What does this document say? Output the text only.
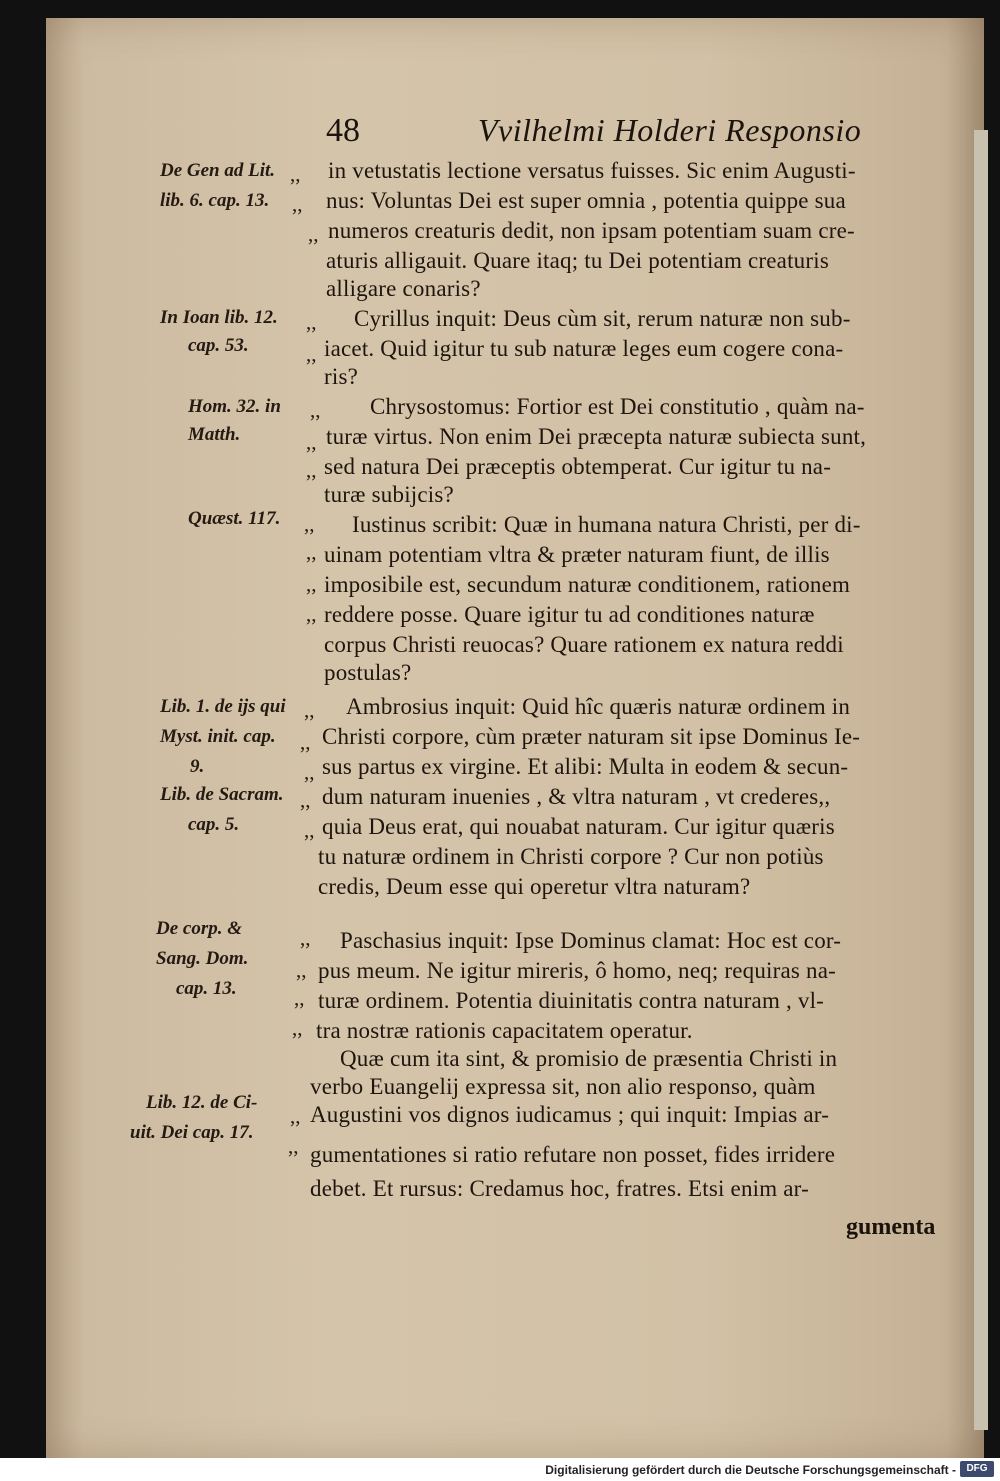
48	Vvilhelmi Holderi Responsio
De Gen ad Lit.
lib. 6. cap. 13.
In Ioan lib. 12.
cap. 53.
Hom. 32. in
Matth.
Quæst. 117.
Lib. 1. de ijs qui
Myst. init. cap.
9.
Lib. de Sacram.
cap. 5.
De corp. &
Sang. Dom.
cap. 13.
Lib. 12. de Ci-
uit. Dei cap. 17.
,,
,,
,,
,,
,,
,,
,,
,,
,,
,,
,,
,,
,,
,,
,,
,,
,,
,,
,,
,,
,,
,,
,,
in vetustatis lectione versatus fuisses. Sic enim Augusti-
nus: Voluntas Dei est super omnia , potentia quippe sua
numeros creaturis dedit, non ipsam potentiam suam cre-
aturis alligauit. Quare itaq; tu Dei potentiam creaturis
alligare conaris?
Cyrillus inquit: Deus cùm sit, rerum naturæ non sub-
iacet. Quid igitur tu sub naturæ leges eum cogere cona-
ris?
Chrysostomus: Fortior est Dei constitutio , quàm na-
turæ virtus. Non enim Dei præcepta naturæ subiecta sunt,
sed natura Dei præceptis obtemperat. Cur igitur tu na-
turæ subijcis?
Iustinus scribit: Quæ in humana natura Christi, per di-
uinam potentiam vltra & præter naturam fiunt, de illis
imposibile est, secundum naturæ conditionem, rationem
reddere posse. Quare igitur tu ad conditiones naturæ
corpus Christi reuocas? Quare rationem ex natura reddi
postulas?
Ambrosius inquit: Quid hîc quæris naturæ ordinem in
Christi corpore, cùm præter naturam sit ipse Dominus Ie-
sus partus ex virgine. Et alibi: Multa in eodem & secun-
dum naturam inuenies , & vltra naturam , vt crederes,,
quia Deus erat, qui nouabat naturam. Cur igitur quæris
tu naturæ ordinem in Christi corpore ? Cur non potiùs
credis, Deum esse qui operetur vltra naturam?
Paschasius inquit: Ipse Dominus clamat: Hoc est cor-
pus meum. Ne igitur mireris, ô homo, neq; requiras na-
turæ ordinem. Potentia diuinitatis contra naturam , vl-
tra nostræ rationis capacitatem operatur.
Quæ cum ita sint, & promisio de præsentia Christi in
verbo Euangelij expressa sit, non alio responso, quàm
Augustini vos dignos iudicamus ; qui inquit: Impias ar-
gumentationes si ratio refutare non posset, fides irridere
debet. Et rursus: Credamus hoc, fratres. Etsi enim ar-
gumenta
Digitalisierung gefördert durch die Deutsche Forschungsgemeinschaft -	DFG
